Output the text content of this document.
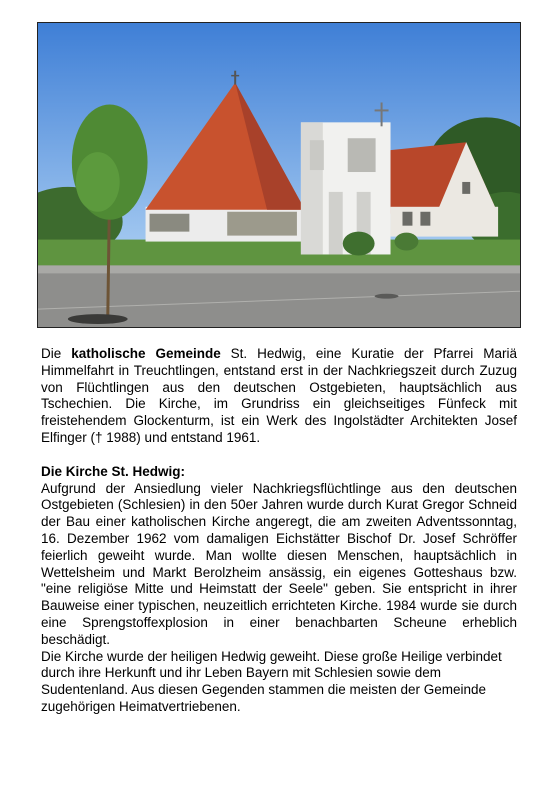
Die katholische Gemeinde St. Hedwig, eine Kuratie der Pfarrei Mariä Himmelfahrt in Treuchtlingen, entstand erst in der Nachkriegszeit durch Zuzug von Flüchtlingen aus den deutschen Ostgebieten, hauptsächlich aus Tschechien. Die Kirche, im Grundriss ein gleichseitiges Fünfeck mit freistehendem Glockenturm, ist ein Werk des Ingolstädter Architekten Josef Elfinger († 1988) und entstand 1961.

Die Kirche St. Hedwig:

Aufgrund der Ansiedlung vieler Nachkriegsflüchtlinge aus den deutschen Ostgebieten (Schlesien) in den 50er Jahren wurde durch Kurat Gregor Schneid der Bau einer katholischen Kirche angeregt, die am zweiten Adventssonntag, 16. Dezember 1962 vom damaligen Eichstätter Bischof Dr. Josef Schröffer feierlich geweiht wurde. Man wollte diesen Menschen, hauptsächlich in Wettelsheim und Markt Berolzheim ansässig, ein eigenes Gotteshaus bzw. "eine religiöse Mitte und Heimstatt der Seele" geben. Sie entspricht in ihrer Bauweise einer typischen, neuzeitlich errichteten Kirche. 1984 wurde sie durch eine Sprengstoffexplosion in einer benachbarten Scheune erheblich beschädigt.

Die Kirche wurde der heiligen Hedwig geweiht. Diese große Heilige verbindet durch ihre Herkunft und ihr Leben Bayern mit Schlesien sowie dem Sudentenland. Aus diesen Gegenden stammen die meisten der Gemeinde zugehörigen Heimatvertriebenen.
